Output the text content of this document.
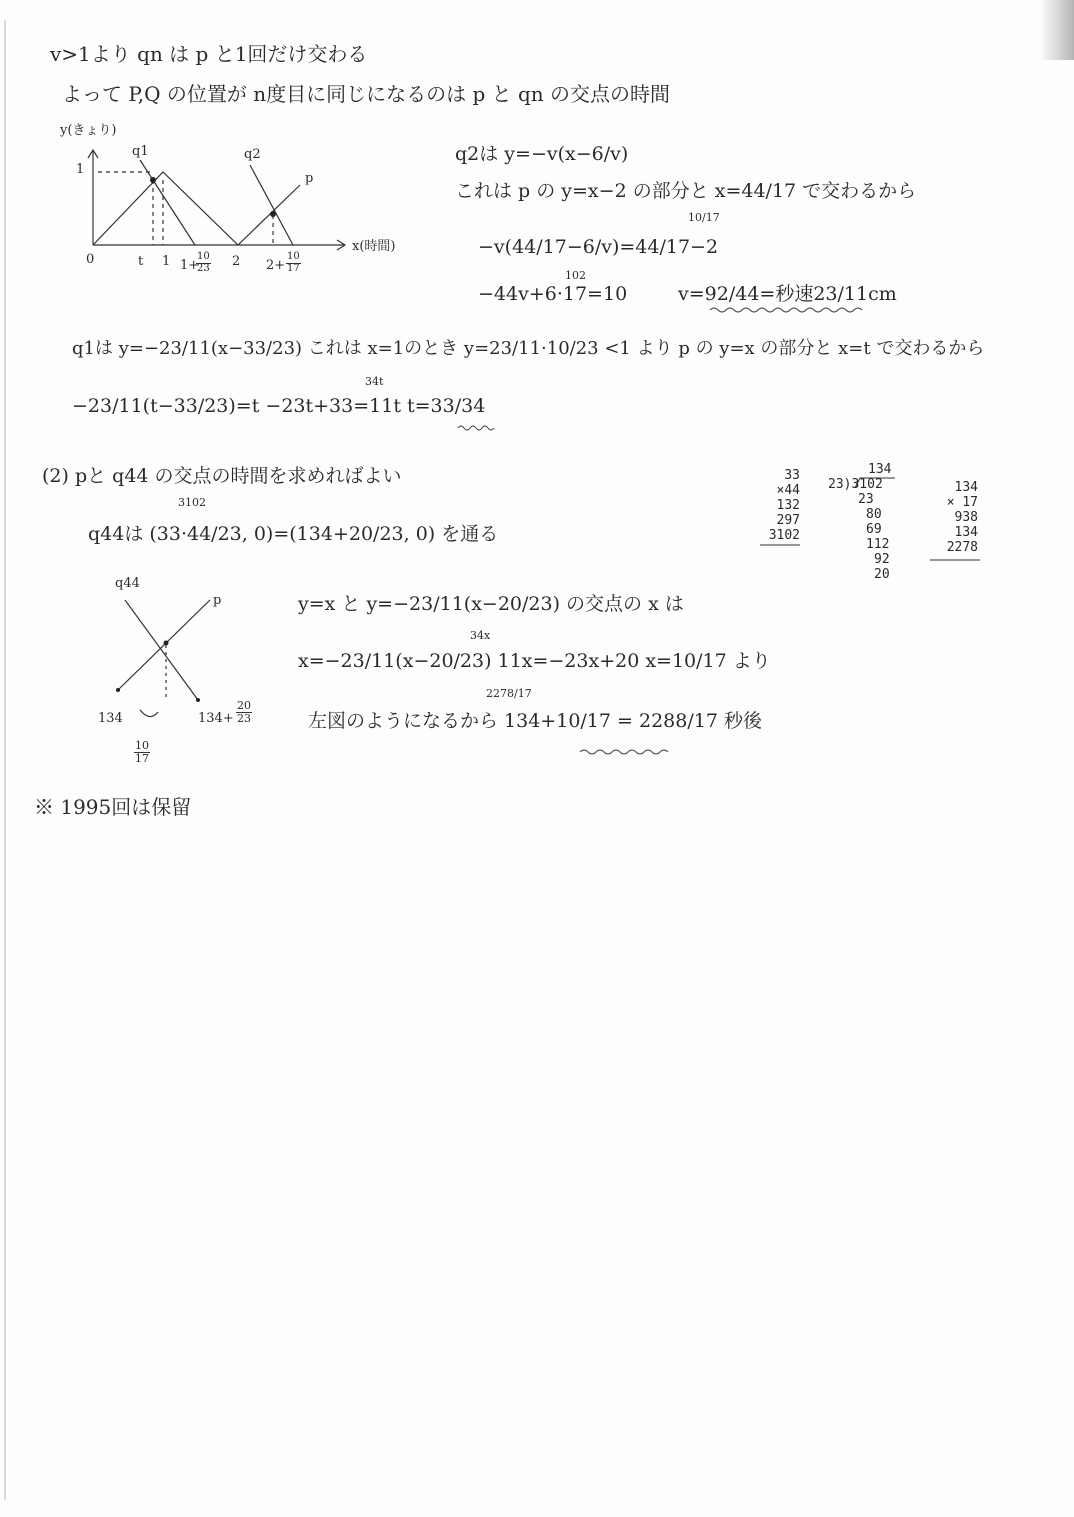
v>1より qn は p と1回だけ交わる
よって P,Q の位置が n度目に同じになるのは p と qn の交点の時間
y(きょり)
x(時間)
1
q1	q2
p
0	t 1 1+
$\frac{10}{23} 2$ $2+ \frac{10}{17}$
q2は y=−v(x−6/v)
これは p の y=x−2 の部分と x=44/17 で交わるから
10/17
−v(44/17−6/v)=44/17−2
102
−44v+6·17=10	v=92/44=秒速23/11cm
q1は y=−23/11(x−33/23) これは x=1のとき y=23/11·10/23 <1 より p の y=x の部分と x=t で交わるから
34t
−23/11(t−33/23)=t −23t+33=11t t=33/34
(2) pと q44 の交点の時間を求めればよい
3102
q44は (33·44/23, 0)=(134+20/23, 0) を通る
q44
p
134	$134+ \frac{20}{23}$
$\frac{10}{17}$
y=x と y=−23/11(x−20/23) の交点の x は
34x
x=−23/11(x−20/23) 11x=−23x+20 x=10/17 より
2278/17
左図のようになるから 134+10/17 = 2288/17 秒後
33
×44
132
297
3102
134
23)3102
23
80
69
112
92
20
134
× 17
938
134
2278
※ 1995回は保留
